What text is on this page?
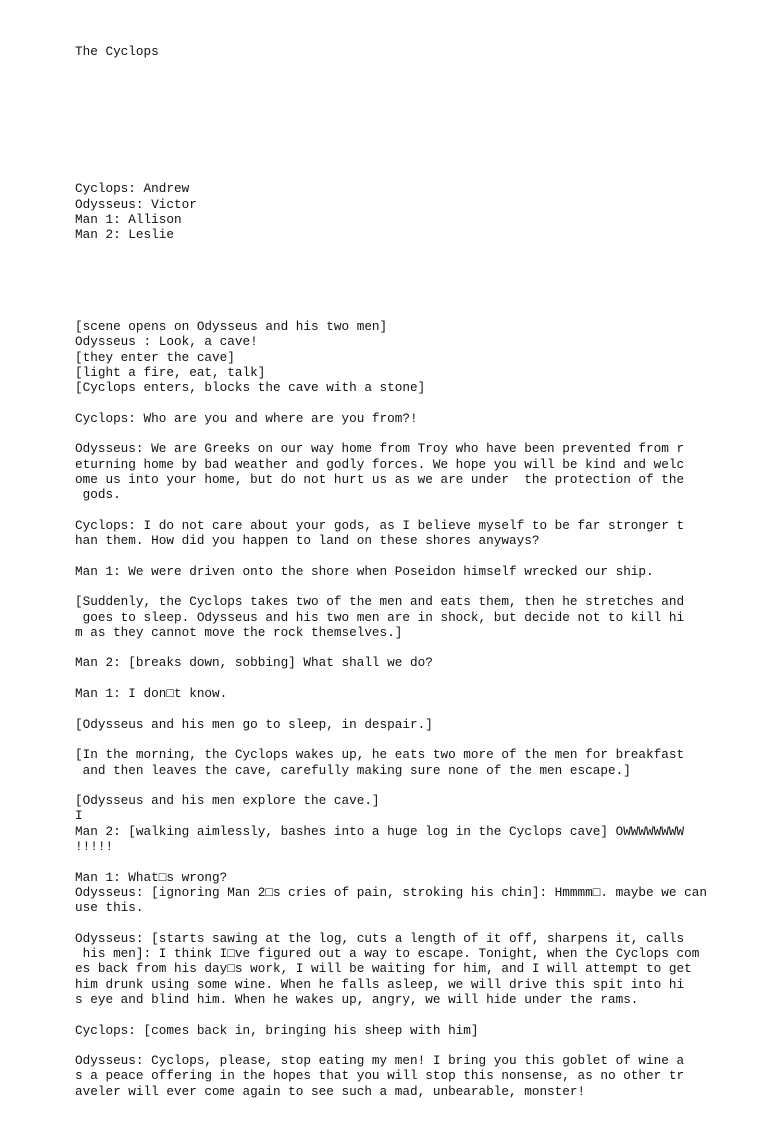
The Cyclops

Cyclops: Andrew
Odysseus: Victor
Man 1: Allison
Man 2: Leslie

[scene opens on Odysseus and his two men]
Odysseus : Look, a cave!
[they enter the cave]
[light a fire, eat, talk]
[Cyclops enters, blocks the cave with a stone]
Cyclops: Who are you and where are you from?!
Odysseus: We are Greeks on our way home from Troy who have been prevented from r
eturning home by bad weather and godly forces. We hope you will be kind and welc
ome us into your home, but do not hurt us as we are under  the protection of the
gods.
Cyclops: I do not care about your gods, as I believe myself to be far stronger t
han them. How did you happen to land on these shores anyways?
Man 1: We were driven onto the shore when Poseidon himself wrecked our ship.
[Suddenly, the Cyclops takes two of the men and eats them, then he stretches and
goes to sleep. Odysseus and his two men are in shock, but decide not to kill hi
m as they cannot move the rock themselves.]
Man 2: [breaks down, sobbing] What shall we do?
Man 1: I don□t know.
[Odysseus and his men go to sleep, in despair.]
[In the morning, the Cyclops wakes up, he eats two more of the men for breakfast
and then leaves the cave, carefully making sure none of the men escape.]
[Odysseus and his men explore the cave.]
I
Man 2: [walking aimlessly, bashes into a huge log in the Cyclops cave] OWWWWWWWW
!!!!!
Man 1: What□s wrong?
Odysseus: [ignoring Man 2□s cries of pain, stroking his chin]: Hmmmm□. maybe we can
use this.
Odysseus: [starts sawing at the log, cuts a length of it off, sharpens it, calls
his men]: I think I□ve figured out a way to escape. Tonight, when the Cyclops com
es back from his day□s work, I will be waiting for him, and I will attempt to get
him drunk using some wine. When he falls asleep, we will drive this spit into hi
s eye and blind him. When he wakes up, angry, we will hide under the rams.
Cyclops: [comes back in, bringing his sheep with him]
Odysseus: Cyclops, please, stop eating my men! I bring you this goblet of wine a
s a peace offering in the hopes that you will stop this nonsense, as no other tr
aveler will ever come again to see such a mad, unbearable, monster!
